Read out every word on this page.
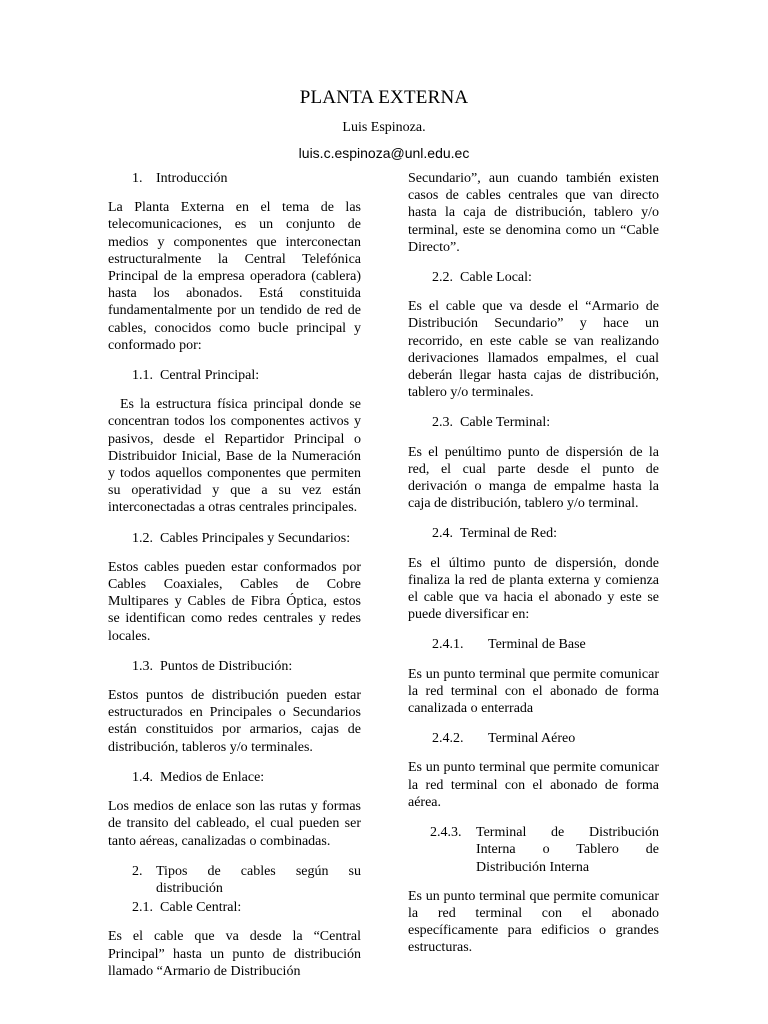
PLANTA EXTERNA
Luis Espinoza.
luis.c.espinoza@unl.edu.ec
1. Introducción

La Planta Externa en el tema de las telecomunicaciones, es un conjunto de medios y componentes que interconectan estructuralmente la Central Telefónica Principal de la empresa operadora (cablera) hasta los abonados. Está constituida fundamentalmente por un tendido de red de cables, conocidos como bucle principal y conformado por:

1.1. Central Principal:

Es la estructura física principal donde se concentran todos los componentes activos y pasivos, desde el Repartidor Principal o Distribuidor Inicial, Base de la Numeración y todos aquellos componentes que permiten su operatividad y que a su vez están interconectadas a otras centrales principales.

1.2. Cables Principales y Secundarios:

Estos cables pueden estar conformados por Cables Coaxiales, Cables de Cobre Multipares y Cables de Fibra Óptica, estos se identifican como redes centrales y redes locales.

1.3. Puntos de Distribución:

Estos puntos de distribución pueden estar estructurados en Principales o Secundarios están constituidos por armarios, cajas de distribución, tableros y/o terminales.

1.4. Medios de Enlace:

Los medios de enlace son las rutas y formas de transito del cableado, el cual pueden ser tanto aéreas, canalizadas o combinadas.

2. Tipos de cables según su distribución
2.1. Cable Central:

Es el cable que va desde la “Central Principal” hasta un punto de distribución llamado “Armario de Distribución

Secundario”, aun cuando también existen casos de cables centrales que van directo hasta la caja de distribución, tablero y/o terminal, este se denomina como un “Cable Directo”.

2.2. Cable Local:

Es el cable que va desde el “Armario de Distribución Secundario” y hace un recorrido, en este cable se van realizando derivaciones llamados empalmes, el cual deberán llegar hasta cajas de distribución, tablero y/o terminales.

2.3. Cable Terminal:

Es el penúltimo punto de dispersión de la red, el cual parte desde el punto de derivación o manga de empalme hasta la caja de distribución, tablero y/o terminal.

2.4. Terminal de Red:

Es el último punto de dispersión, donde finaliza la red de planta externa y comienza el cable que va hacia el abonado y este se puede diversificar en:

2.4.1.	Terminal de Base

Es un punto terminal que permite comunicar la red terminal con el abonado de forma canalizada o enterrada

2.4.2.	Terminal Aéreo

Es un punto terminal que permite comunicar la red terminal con el abonado de forma aérea.

2.4.3.	Terminal de Distribución Interna o Tablero de Distribución Interna

Es un punto terminal que permite comunicar la red terminal con el abonado específicamente para edificios o grandes estructuras.
